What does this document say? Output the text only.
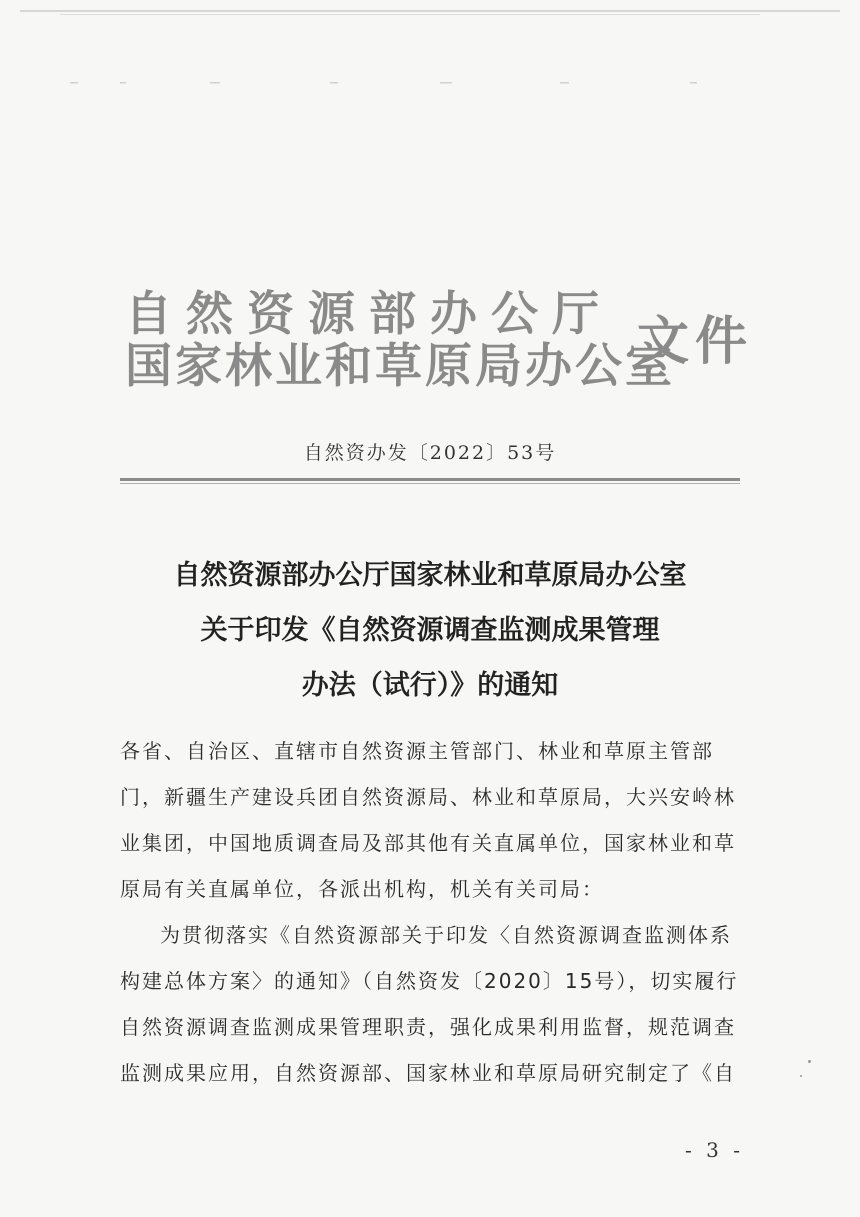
自然资源部办公厅
国家林业和草原局办公室
文件
自然资办发〔2022〕53号
自然资源部办公厅国家林业和草原局办公室
关于印发《自然资源调查监测成果管理
办法（试行）》的通知
各省、自治区、直辖市自然资源主管部门、林业和草原主管部
门，新疆生产建设兵团自然资源局、林业和草原局，大兴安岭林
业集团，中国地质调查局及部其他有关直属单位，国家林业和草
原局有关直属单位，各派出机构，机关有关司局：
为贯彻落实《自然资源部关于印发〈自然资源调查监测体系
构建总体方案〉的通知》（自然资发〔2020〕15号），切实履行
自然资源调查监测成果管理职责，强化成果利用监督，规范调查
监测成果应用，自然资源部、国家林业和草原局研究制定了《自
- 3 -
